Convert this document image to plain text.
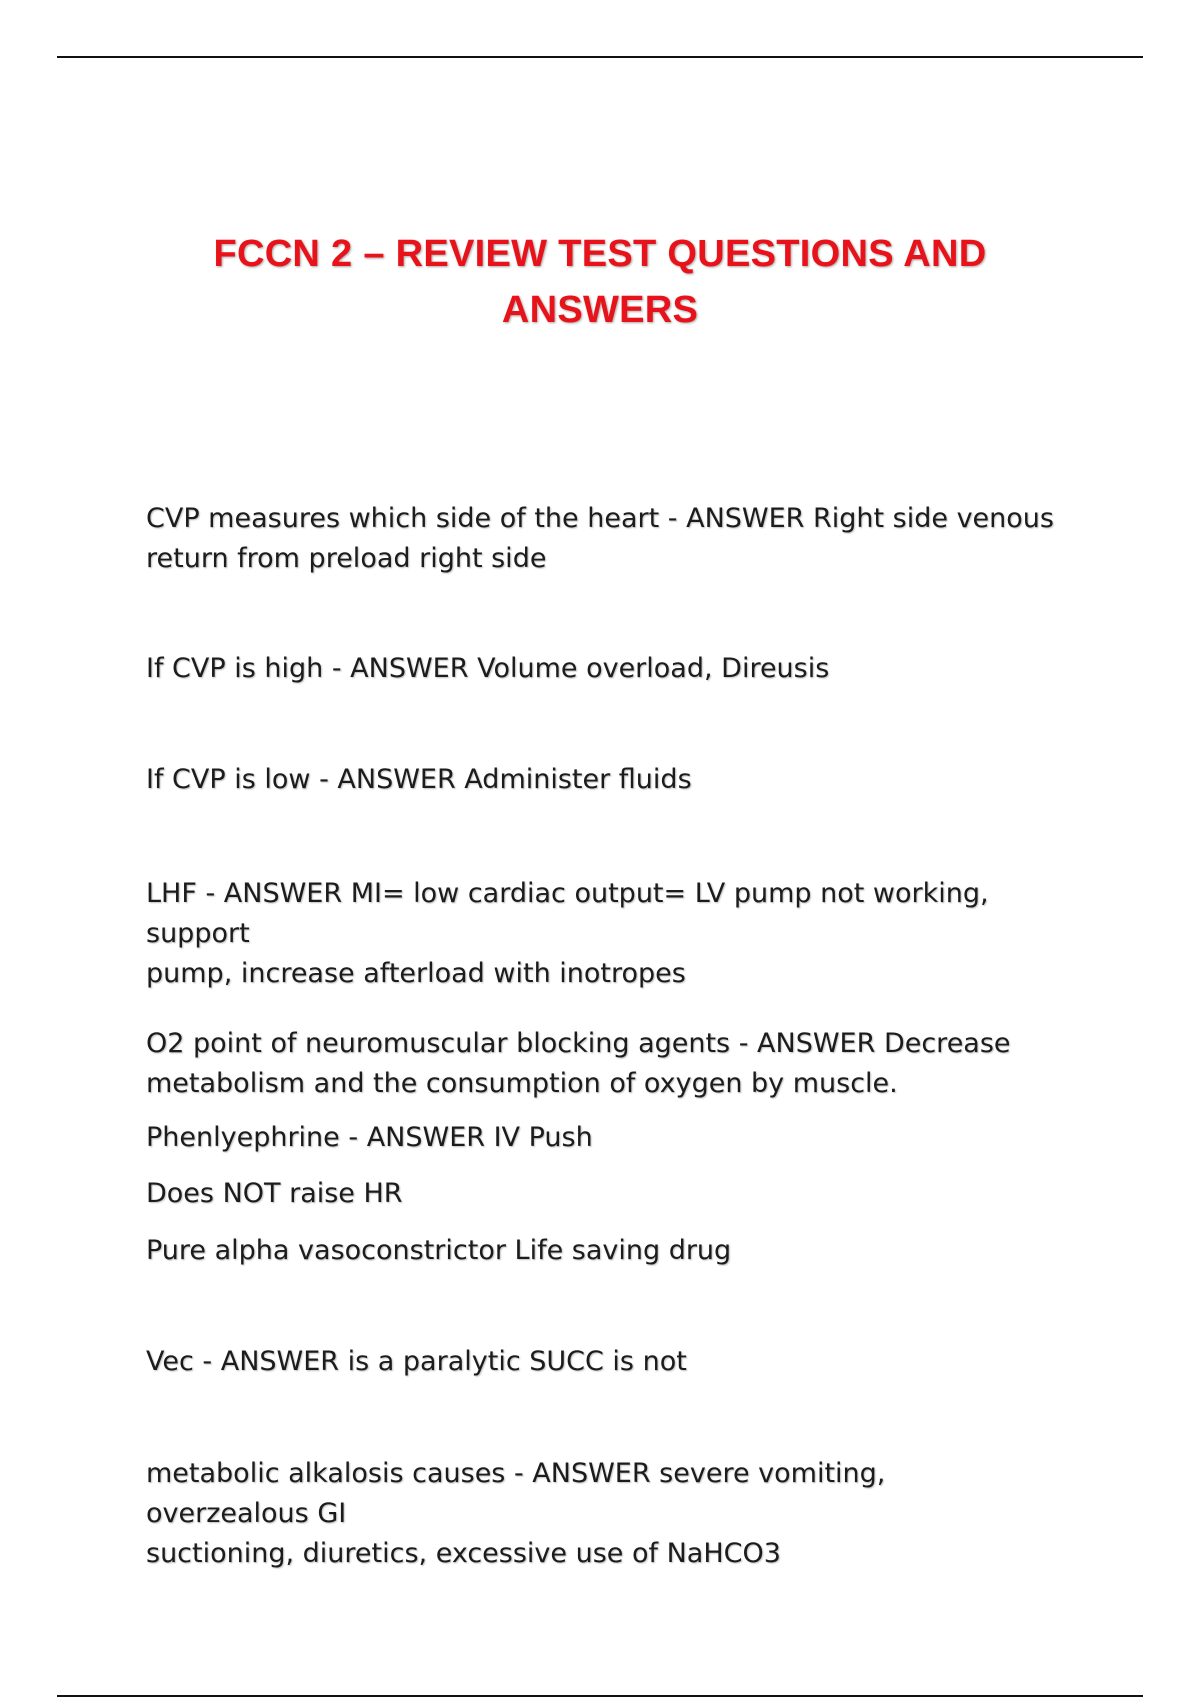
FCCN 2 – REVIEW TEST QUESTIONS AND
ANSWERS

CVP measures which side of the heart - ANSWER Right side venous
return from preload right side

If CVP is high - ANSWER Volume overload, Direusis

If CVP is low - ANSWER Administer fluids

LHF - ANSWER MI= low cardiac output= LV pump not working, support
pump, increase afterload with inotropes

O2 point of neuromuscular blocking agents - ANSWER Decrease
metabolism and the consumption of oxygen by muscle.

Phenlyephrine - ANSWER IV Push

Does NOT raise HR

Pure alpha vasoconstrictor Life saving drug

Vec - ANSWER is a paralytic SUCC is not

metabolic alkalosis causes - ANSWER severe vomiting, overzealous GI
suctioning, diuretics, excessive use of NaHCO3
